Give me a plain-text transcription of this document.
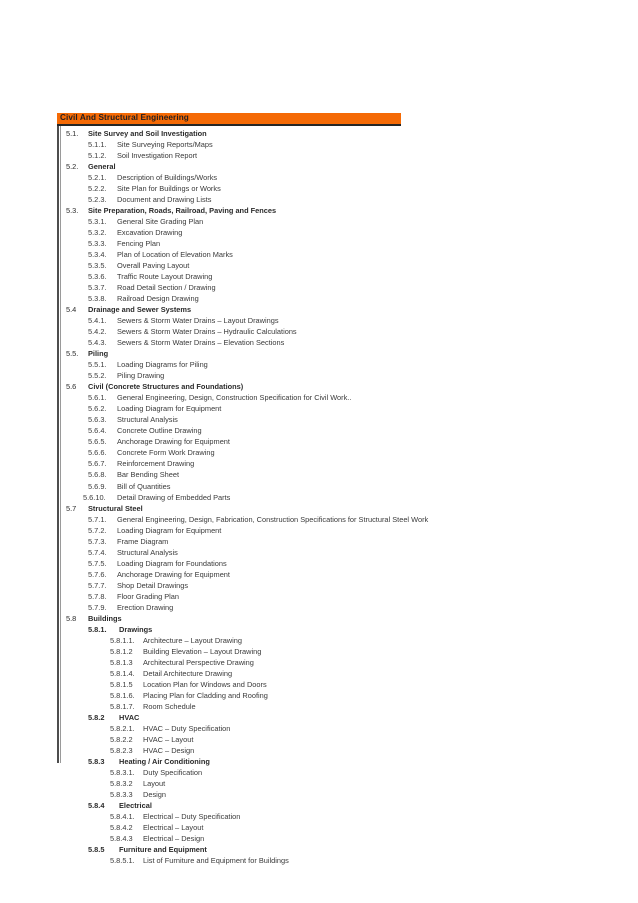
Civil And Structural Engineering
5.1. Site Survey and Soil Investigation
5.1.1. Site Surveying Reports/Maps
5.1.2. Soil Investigation Report
5.2. General
5.2.1. Description of Buildings/Works
5.2.2. Site Plan for Buildings or Works
5.2.3. Document and Drawing Lists
5.3. Site Preparation, Roads, Railroad, Paving and Fences
5.3.1. General Site Grading Plan
5.3.2. Excavation Drawing
5.3.3. Fencing Plan
5.3.4. Plan of Location of Elevation Marks
5.3.5. Overall Paving Layout
5.3.6. Traffic Route Layout Drawing
5.3.7. Road Detail Section / Drawing
5.3.8. Railroad Design Drawing
5.4 Drainage and Sewer Systems
5.4.1. Sewers & Storm Water Drains – Layout Drawings
5.4.2. Sewers & Storm Water Drains – Hydraulic Calculations
5.4.3. Sewers & Storm Water Drains – Elevation Sections
5.5. Piling
5.5.1. Loading Diagrams for Piling
5.5.2. Piling Drawing
5.6 Civil (Concrete Structures and Foundations)
5.6.1. General Engineering, Design, Construction Specification for Civil Work..
5.6.2. Loading Diagram for Equipment
5.6.3. Structural Analysis
5.6.4. Concrete Outline Drawing
5.6.5. Anchorage Drawing for Equipment
5.6.6. Concrete Form Work Drawing
5.6.7. Reinforcement Drawing
5.6.8. Bar Bending Sheet
5.6.9. Bill of Quantities
5.6.10. Detail Drawing of Embedded Parts
5.7 Structural Steel
5.7.1. General Engineering, Design, Fabrication, Construction Specifications for Structural Steel Work
5.7.2. Loading Diagram for Equipment
5.7.3. Frame Diagram
5.7.4. Structural Analysis
5.7.5. Loading Diagram for Foundations
5.7.6. Anchorage Drawing for Equipment
5.7.7. Shop Detail Drawings
5.7.8. Floor Grading Plan
5.7.9. Erection Drawing
5.8 Buildings
5.8.1. Drawings
5.8.1.1. Architecture – Layout Drawing
5.8.1.2 Building Elevation – Layout Drawing
5.8.1.3 Architectural Perspective Drawing
5.8.1.4. Detail Architecture Drawing
5.8.1.5 Location Plan for Windows and Doors
5.8.1.6. Placing Plan for Cladding and Roofing
5.8.1.7. Room Schedule
5.8.2 HVAC
5.8.2.1. HVAC – Duty Specification
5.8.2.2 HVAC – Layout
5.8.2.3 HVAC – Design
5.8.3 Heating / Air Conditioning
5.8.3.1. Duty Specification
5.8.3.2 Layout
5.8.3.3 Design
5.8.4 Electrical
5.8.4.1. Electrical – Duty Specification
5.8.4.2 Electrical – Layout
5.8.4.3 Electrical – Design
5.8.5 Furniture and Equipment
5.8.5.1. List of Furniture and Equipment for Buildings
